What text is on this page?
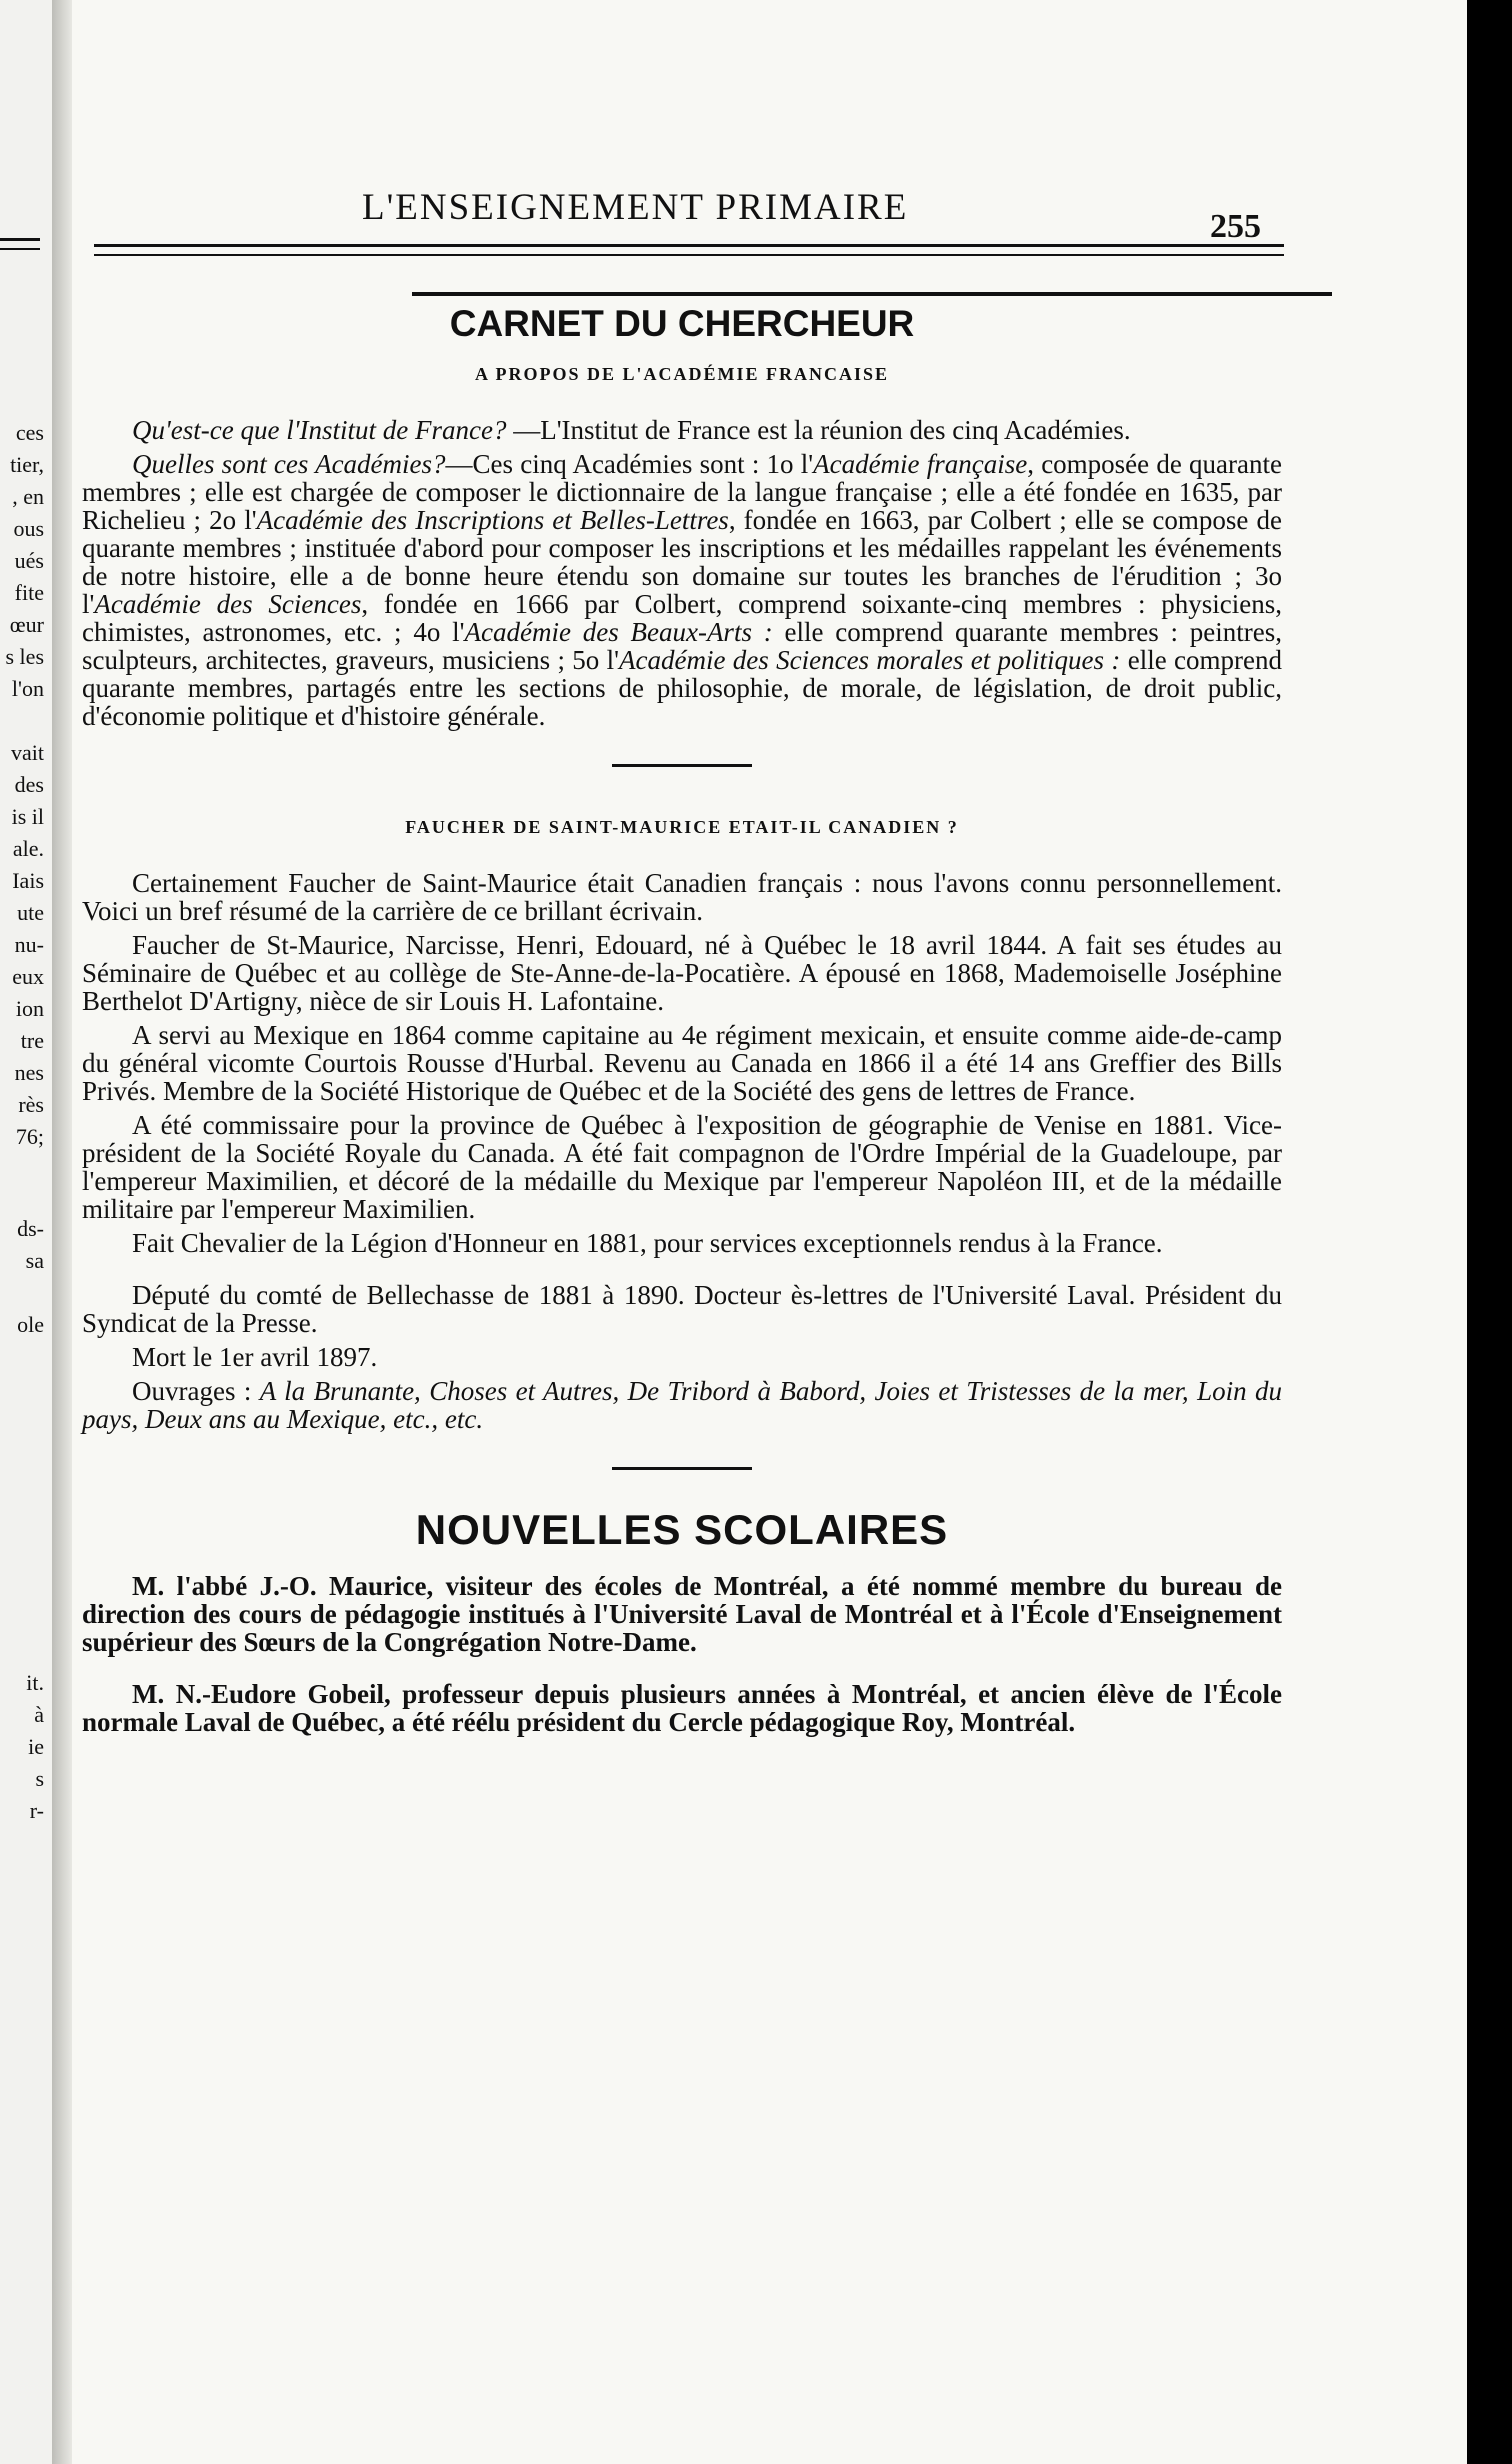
ces
tier,
, en
ous
ués
fite
œur
s les
l'on
vait
des
is il
ale.
Iais
ute
nu-
eux
ion
tre
nes
rès
76;
ds-
sa
ole
it.
à
ie
s
r-
L'ENSEIGNEMENT PRIMAIRE	255
CARNET DU CHERCHEUR
A PROPOS DE L'ACADÉMIE FRANCAISE

Qu'est-ce que l'Institut de France? —L'Institut de France est la réunion des cinq Académies.

Quelles sont ces Académies?—Ces cinq Académies sont : 1o l'Académie française, composée de quarante membres ; elle est chargée de composer le dictionnaire de la langue française ; elle a été fondée en 1635, par Richelieu ; 2o l'Académie des Inscriptions et Belles-Lettres, fondée en 1663, par Colbert ; elle se compose de quarante membres ; instituée d'abord pour composer les inscriptions et les médailles rappelant les événements de notre histoire, elle a de bonne heure étendu son domaine sur toutes les branches de l'érudition ; 3o l'Académie des Sciences, fondée en 1666 par Colbert, comprend soixante-cinq membres : physiciens, chimistes, astronomes, etc. ; 4o l'Académie des Beaux-Arts : elle comprend quarante membres : peintres, sculpteurs, architectes, graveurs, musiciens ; 5o l'Académie des Sciences morales et politiques : elle comprend quarante membres, partagés entre les sections de philosophie, de morale, de législation, de droit public, d'économie politique et d'histoire générale.

FAUCHER DE SAINT-MAURICE ETAIT-IL CANADIEN ?

Certainement Faucher de Saint-Maurice était Canadien français : nous l'avons connu personnellement. Voici un bref résumé de la carrière de ce brillant écrivain.

Faucher de St-Maurice, Narcisse, Henri, Edouard, né à Québec le 18 avril 1844. A fait ses études au Séminaire de Québec et au collège de Ste-Anne-de-la-Pocatière. A épousé en 1868, Mademoiselle Joséphine Berthelot D'Artigny, nièce de sir Louis H. Lafontaine.

A servi au Mexique en 1864 comme capitaine au 4e régiment mexicain, et ensuite comme aide-de-camp du général vicomte Courtois Rousse d'Hurbal. Revenu au Canada en 1866 il a été 14 ans Greffier des Bills Privés. Membre de la Société Historique de Québec et de la Société des gens de lettres de France.

A été commissaire pour la province de Québec à l'exposition de géographie de Venise en 1881. Vice-président de la Société Royale du Canada. A été fait compagnon de l'Ordre Impérial de la Guadeloupe, par l'empereur Maximilien, et décoré de la médaille du Mexique par l'empereur Napoléon III, et de la médaille militaire par l'empereur Maximilien.

Fait Chevalier de la Légion d'Honneur en 1881, pour services exceptionnels rendus à la France.

Député du comté de Bellechasse de 1881 à 1890. Docteur ès-lettres de l'Université Laval. Président du Syndicat de la Presse.

Mort le 1er avril 1897.

Ouvrages : A la Brunante, Choses et Autres, De Tribord à Babord, Joies et Tristesses de la mer, Loin du pays, Deux ans au Mexique, etc., etc.

NOUVELLES SCOLAIRES

M. l'abbé J.-O. Maurice, visiteur des écoles de Montréal, a été nommé membre du bureau de direction des cours de pédagogie institués à l'Université Laval de Montréal et à l'École d'Enseignement supérieur des Sœurs de la Congrégation Notre-Dame.

M. N.-Eudore Gobeil, professeur depuis plusieurs années à Montréal, et ancien élève de l'École normale Laval de Québec, a été réélu président du Cercle pédagogique Roy, Montréal.
